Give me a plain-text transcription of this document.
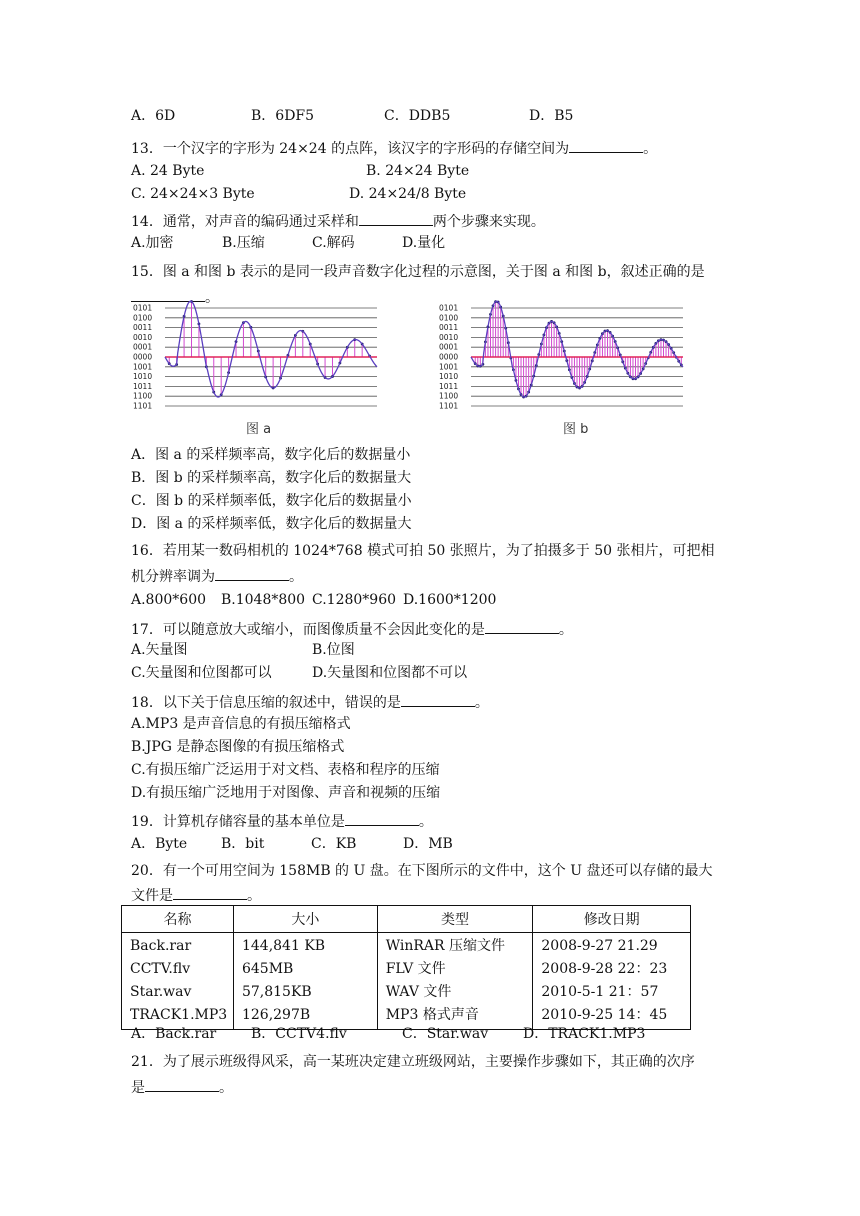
A．6D	B．6DF5	C．DDB5	D．B5
13．一个汉字的字形为 24×24 的点阵，该汉字的字形码的存储空间为	。
A. 24 Byte	B. 24×24 Byte
C. 24×24×3 Byte	D. 24×24/8 Byte
14．通常，对声音的编码通过采样和	两个步骤来实现。
A.加密	B.压缩	C.解码	D.量化
15．图 a 和图 b 表示的是同一段声音数字化过程的示意图，关于图 a 和图 b，叙述正确的是
。
0101
0100
0011
0010
0001
0000
1001
1010
1011
1100
1101
图 a
0101
0100
0011
0010
0001
0000
1001
1010
1011
1100
1101
图 b
A．图 a 的采样频率高，数字化后的数据量小
B．图 b 的采样频率高，数字化后的数据量大
C．图 b 的采样频率低，数字化后的数据量小
D．图 a 的采样频率低，数字化后的数据量大
16．若用某一数码相机的 1024*768 模式可拍 50 张照片，为了拍摄多于 50 张相片，可把相
机分辨率调为	。
A.800*600 B.1048*800 C.1280*960 D.1600*1200
17．可以随意放大或缩小，而图像质量不会因此变化的是	。
A.矢量图	B.位图
C.矢量图和位图都可以	D.矢量图和位图都不可以
18．以下关于信息压缩的叙述中，错误的是	。
A.MP3 是声音信息的有损压缩格式
B.JPG 是静态图像的有损压缩格式
C.有损压缩广泛运用于对文档、表格和程序的压缩
D.有损压缩广泛地用于对图像、声音和视频的压缩
19．计算机存储容量的基本单位是	。
A．Byte B．bit	C．KB	D．MB
20．有一个可用空间为 158MB 的 U 盘。在下图所示的文件中，这个 U 盘还可以存储的最大
文件是	。
名称	大小	类型	修改日期
Back.rar	144,841 KB	WinRAR 压缩文件	2008-9-27 21.29
CCTV.flv	645MB	FLV 文件	2008-9-28 22：23
Star.wav	57,815KB	WAV 文件	2010-5-1 21：57
TRACK1.MP3	126,297B	MP3 格式声音	2010-9-25 14：45
A．Back.rar B．CCTV4.flv	C．Star.wav D．TRACK1.MP3
21．为了展示班级得风采，高一某班决定建立班级网站，主要操作步骤如下，其正确的次序
是	。
